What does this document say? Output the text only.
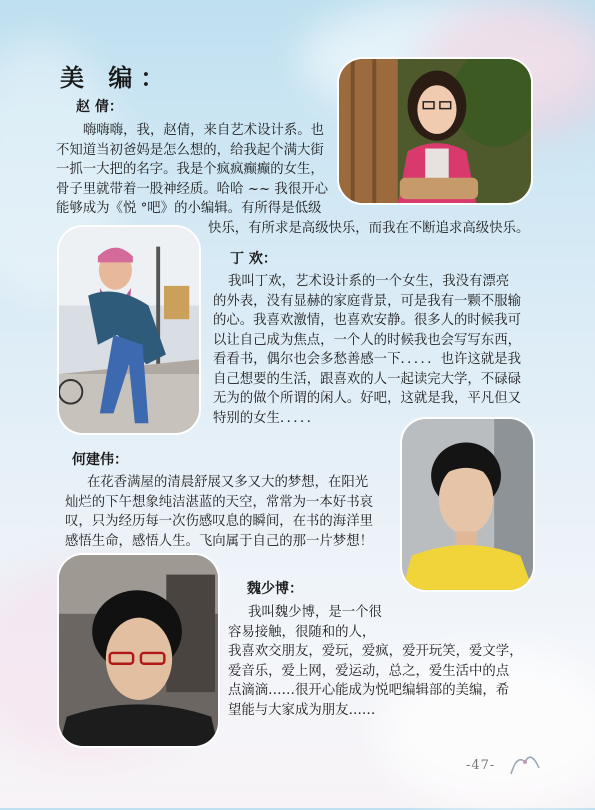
美 编：
赵 倩：
嗨嗨嗨，我，赵倩，来自艺术设计系。也
不知道当初爸妈是怎么想的，给我起个满大街
一抓一大把的名字。我是个疯疯癫癫的女生，
骨子里就带着一股神经质。哈哈 ~~ 我很开心
能够成为《悦 °吧》的小编辑。有所得是低级
快乐，有所求是高级快乐，而我在不断追求高级快乐。
丁 欢：
我叫丁欢，艺术设计系的一个女生，我没有漂亮
的外表，没有显赫的家庭背景，可是我有一颗不服输
的心。我喜欢激情，也喜欢安静。很多人的时候我可
以让自己成为焦点，一个人的时候我也会写写东西，
看看书，偶尔也会多愁善感一下．．．．．也许这就是我
自己想要的生活，跟喜欢的人一起读完大学，不碌碌
无为的做个所谓的闲人。好吧，这就是我，平凡但又
特别的女生．．．．．
何建伟：
在花香满屋的清晨舒展又多又大的梦想，在阳光
灿烂的下午想象纯洁湛蓝的天空，常常为一本好书哀
叹，只为经历每一次伤感叹息的瞬间，在书的海洋里
感悟生命，感悟人生。飞向属于自己的那一片梦想！
魏少博：
我叫魏少博，是一个很
容易接触，很随和的人，
我喜欢交朋友，爱玩，爱疯，爱开玩笑，爱文学，
爱音乐，爱上网，爱运动，总之，爱生活中的点
点滴滴……很开心能成为悦吧编辑部的美编，希
望能与大家成为朋友……
-47-
